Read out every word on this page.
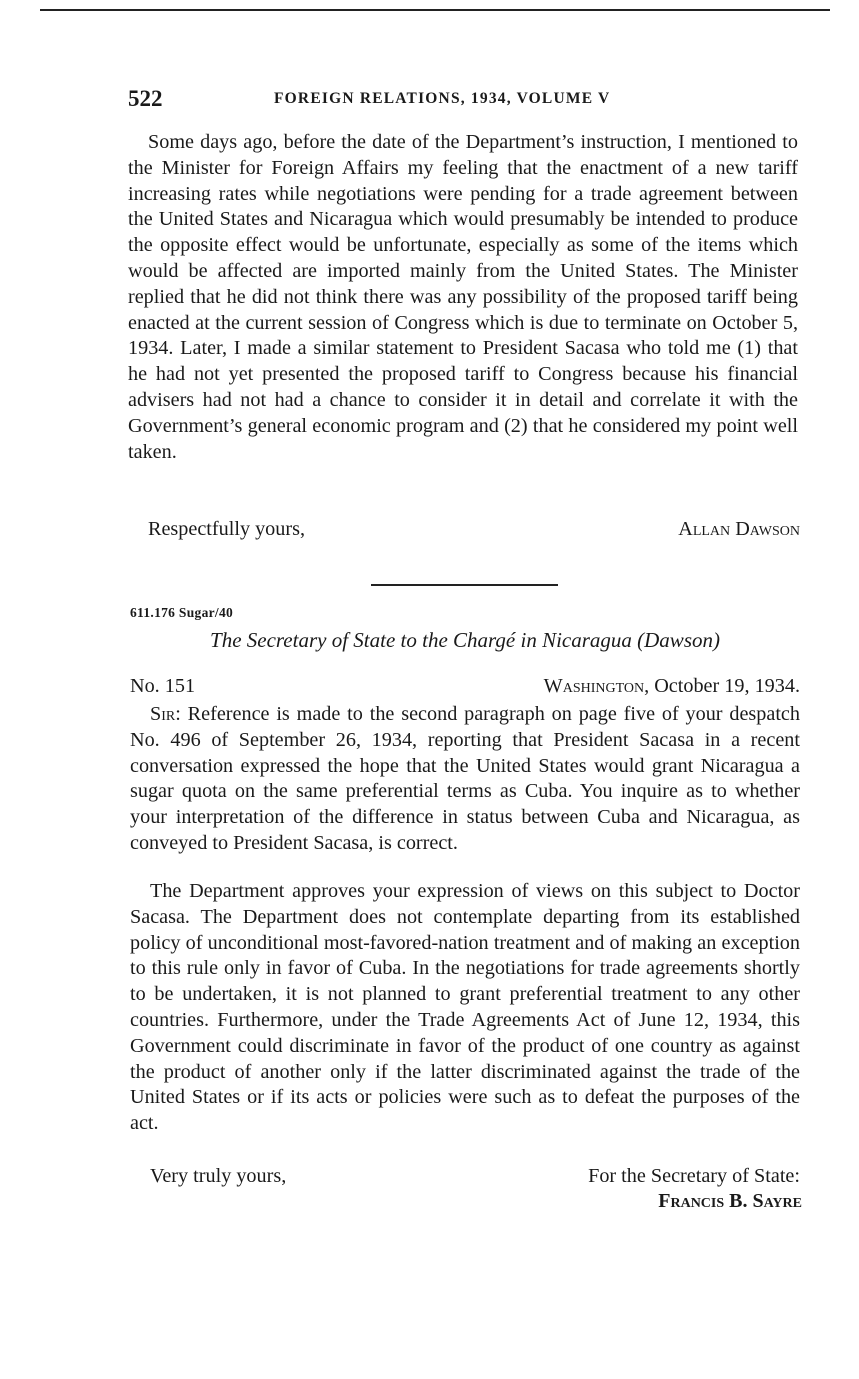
522	FOREIGN RELATIONS, 1934, VOLUME V

Some days ago, before the date of the Department’s instruction, I mentioned to the Minister for Foreign Affairs my feeling that the enactment of a new tariff increasing rates while negotiations were pending for a trade agreement between the United States and Nicaragua which would presumably be intended to produce the opposite effect would be unfortunate, especially as some of the items which would be affected are imported mainly from the United States. The Minister replied that he did not think there was any possibility of the proposed tariff being enacted at the current session of Congress which is due to terminate on October 5, 1934. Later, I made a similar statement to President Sacasa who told me (1) that he had not yet presented the proposed tariff to Congress because his financial advisers had not had a chance to consider it in detail and correlate it with the Government’s general economic program and (2) that he considered my point well taken.

Respectfully yours,	Allan Dawson
611.176 Sugar/40
The Secretary of State to the Chargé in Nicaragua (Dawson)
No. 151	Washington, October 19, 1934.

Sir: Reference is made to the second paragraph on page five of your despatch No. 496 of September 26, 1934, reporting that President Sacasa in a recent conversation expressed the hope that the United States would grant Nicaragua a sugar quota on the same preferential terms as Cuba. You inquire as to whether your interpretation of the difference in status between Cuba and Nicaragua, as conveyed to President Sacasa, is correct.

The Department approves your expression of views on this subject to Doctor Sacasa. The Department does not contemplate departing from its established policy of unconditional most-favored-nation treatment and of making an exception to this rule only in favor of Cuba. In the negotiations for trade agreements shortly to be undertaken, it is not planned to grant preferential treatment to any other countries. Furthermore, under the Trade Agreements Act of June 12, 1934, this Government could discriminate in favor of the product of one country as against the product of another only if the latter discriminated against the trade of the United States or if its acts or policies were such as to defeat the purposes of the act.

Very truly yours,	For the Secretary of State:
Francis B. Sayre
